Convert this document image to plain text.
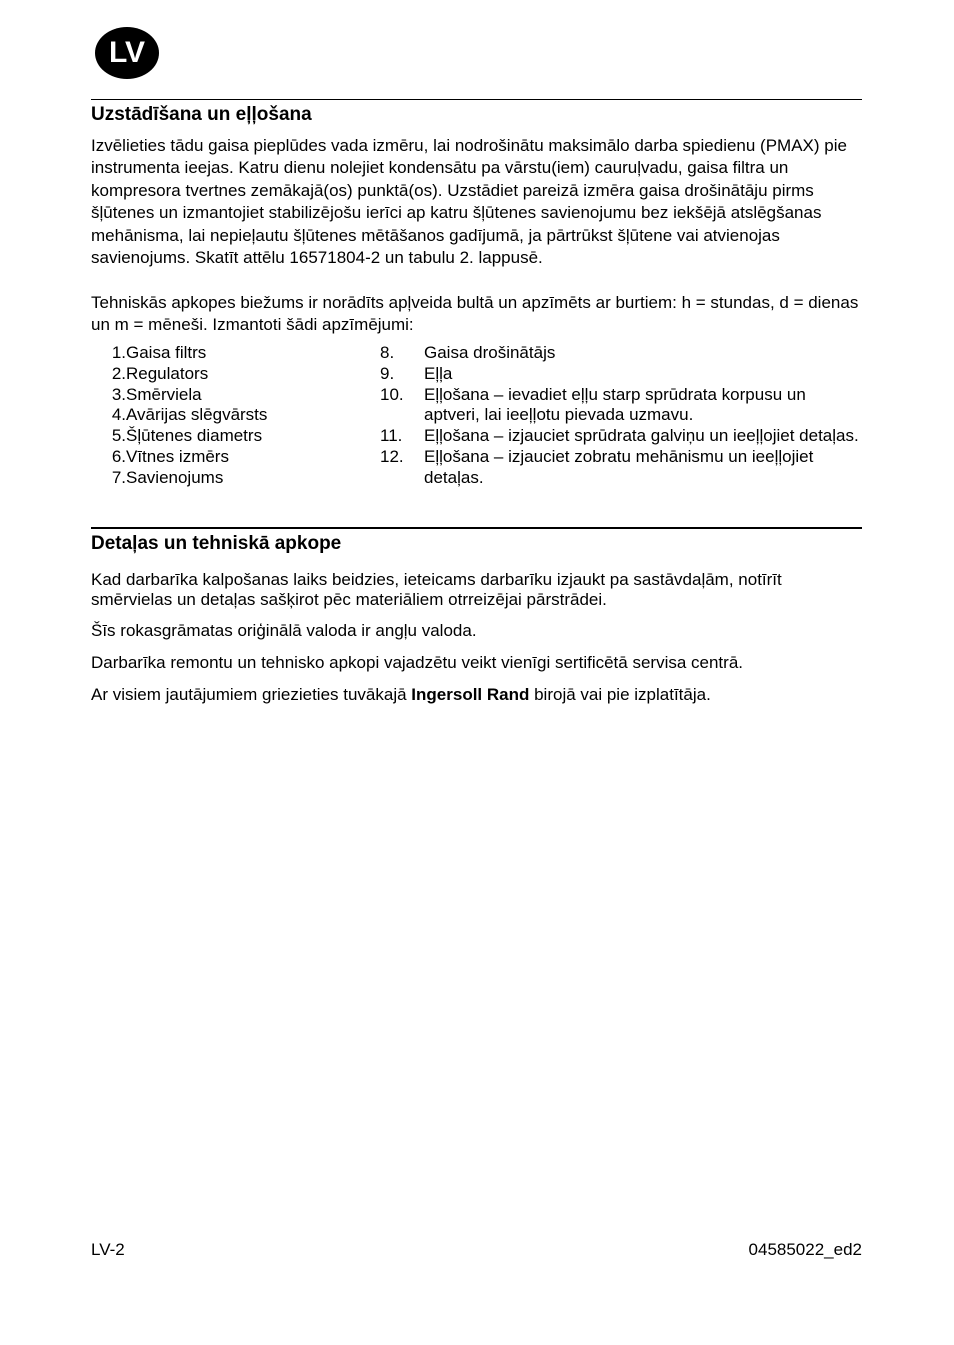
LV
Uzstādīšana un eļļošana

Izvēlieties tādu gaisa pieplūdes vada izmēru, lai nodrošinātu maksimālo darba spiedienu (PMAX) pie instrumenta ieejas. Katru dienu nolejiet kondensātu pa vārstu(iem) cauruļvadu, gaisa filtra un kompresora tvertnes zemākajā(os) punktā(os). Uzstādiet pareizā izmēra gaisa drošinātāju pirms šļūtenes un izmantojiet stabilizējošu ierīci ap katru šļūtenes savienojumu bez iekšējā atslēgšanas mehānisma, lai nepieļautu šļūtenes mētāšanos gadījumā, ja pārtrūkst šļūtene vai atvienojas savienojums. Skatīt attēlu 16571804-2 un tabulu 2. lappusē.

Tehniskās apkopes biežums ir norādīts apļveida bultā un apzīmēts ar burtiem: h = stundas, d = dienas un m = mēneši. Izmantoti šādi apzīmējumi:

1. Gaisa filtrs
2. Regulators
3. Smērviela
4. Avārijas slēgvārsts
5. Šļūtenes diametrs
6. Vītnes izmērs
7. Savienojums
8.	Gaisa drošinātājs
9.	Eļļa
10.	Eļļošana – ievadiet eļļu starp sprūdrata korpusu un aptveri, lai ieeļļotu pievada uzmavu.
11.	Eļļošana – izjauciet sprūdrata galviņu un ieeļļojiet detaļas.
12.	Eļļošana – izjauciet zobratu mehānismu un ieeļļojiet detaļas.
Detaļas un tehniskā apkope

Kad darbarīka kalpošanas laiks beidzies, ieteicams darbarīku izjaukt pa sastāvdaļām, notīrīt smērvielas un detaļas sašķirot pēc materiāliem otrreizējai pārstrādei.

Šīs rokasgrāmatas oriģinālā valoda ir angļu valoda.

Darbarīka remontu un tehnisko apkopi vajadzētu veikt vienīgi sertificētā servisa centrā.

Ar visiem jautājumiem griezieties tuvākajā Ingersoll Rand birojā vai pie izplatītāja.

LV-2	04585022_ed2
